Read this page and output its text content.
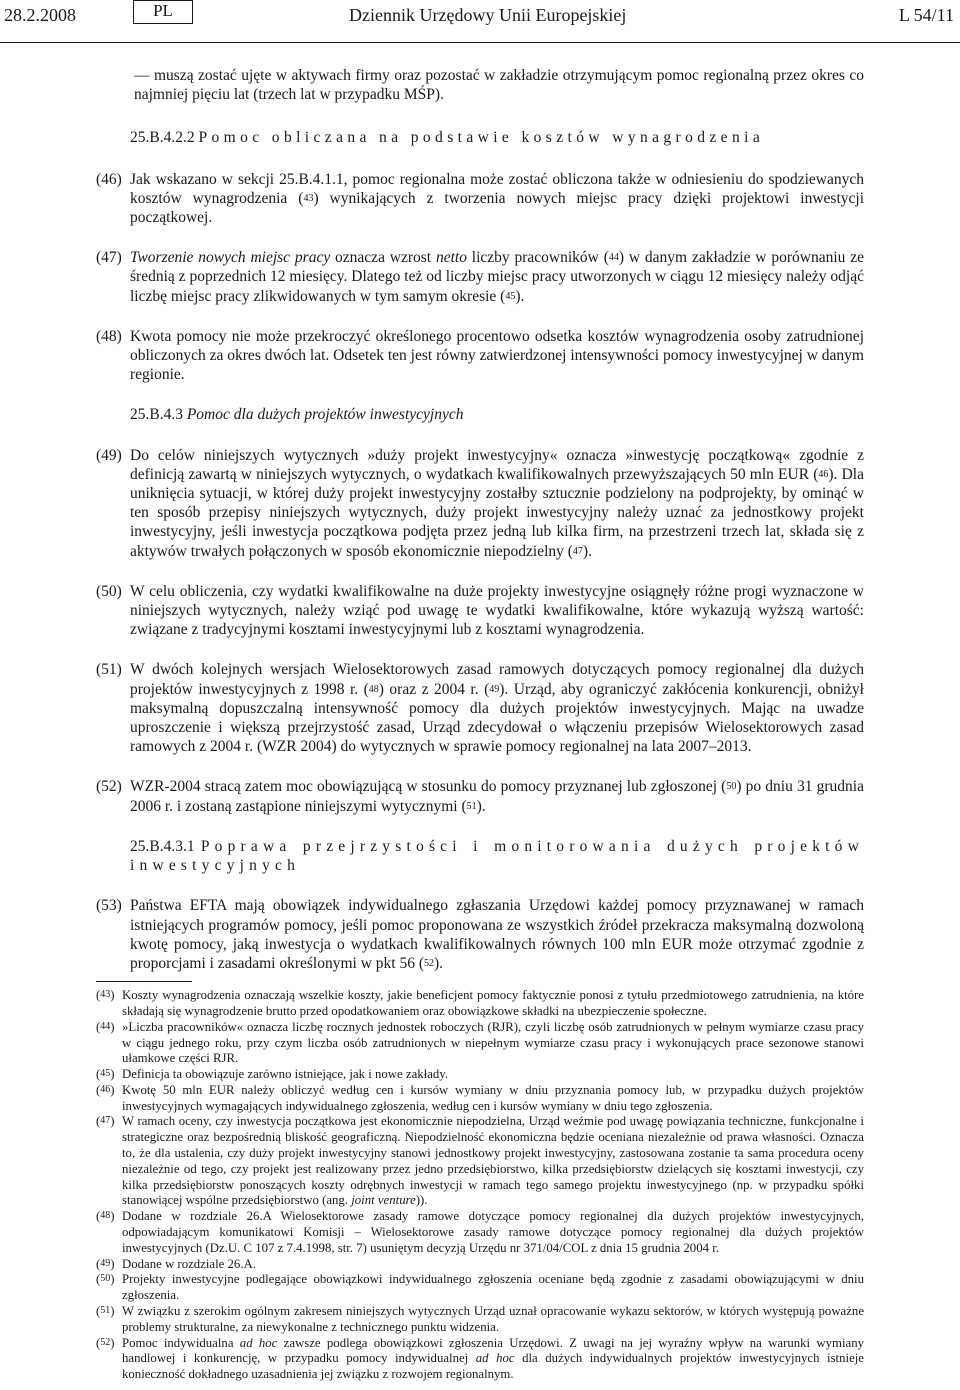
28.2.2008	PL	Dziennik Urzędowy Unii Europejskiej	L 54/11

— muszą zostać ujęte w aktywach firmy oraz pozostać w zakładzie otrzymującym pomoc regionalną przez okres co najmniej pięciu lat (trzech lat w przypadku MŚP).

25.B.4.2.2 Pomoc obliczana na podstawie kosztów wynagrodzenia

(46) Jak wskazano w sekcji 25.B.4.1.1, pomoc regionalna może zostać obliczona także w odniesieniu do spodziewanych kosztów wynagrodzenia ($^{43}$) wynikających z tworzenia nowych miejsc pracy dzięki projektowi inwestycji początkowej.

(47) Tworzenie nowych miejsc pracy oznacza wzrost netto liczby pracowników ($^{44}$) w danym zakładzie w porównaniu ze średnią z poprzednich 12 miesięcy. Dlatego też od liczby miejsc pracy utworzonych w ciągu 12 miesięcy należy odjąć liczbę miejsc pracy zlikwidowanych w tym samym okresie ($^{45}$).

(48) Kwota pomocy nie może przekroczyć określonego procentowo odsetka kosztów wynagrodzenia osoby zatrudnionej obliczonych za okres dwóch lat. Odsetek ten jest równy zatwierdzonej intensywności pomocy inwestycyjnej w danym regionie.

25.B.4.3 Pomoc dla dużych projektów inwestycyjnych

(49) Do celów niniejszych wytycznych »duży projekt inwestycyjny« oznacza »inwestycję początkową« zgodnie z definicją zawartą w niniejszych wytycznych, o wydatkach kwalifikowalnych przewyższających 50 mln EUR ($^{46}$). Dla uniknięcia sytuacji, w której duży projekt inwestycyjny zostałby sztucznie podzielony na podprojekty, by ominąć w ten sposób przepisy niniejszych wytycznych, duży projekt inwestycyjny należy uznać za jednostkowy projekt inwestycyjny, jeśli inwestycja początkowa podjęta przez jedną lub kilka firm, na przestrzeni trzech lat, składa się z aktywów trwałych połączonych w sposób ekonomicznie niepodzielny ($^{47}$).

(50) W celu obliczenia, czy wydatki kwalifikowalne na duże projekty inwestycyjne osiągnęły różne progi wyznaczone w niniejszych wytycznych, należy wziąć pod uwagę te wydatki kwalifikowalne, które wykazują wyższą wartość: związane z tradycyjnymi kosztami inwestycyjnymi lub z kosztami wynagrodzenia.

(51) W dwóch kolejnych wersjach Wielosektorowych zasad ramowych dotyczących pomocy regionalnej dla dużych projektów inwestycyjnych z 1998 r. ($^{48}$) oraz z 2004 r. ($^{49}$). Urząd, aby ograniczyć zakłócenia konkurencji, obniżył maksymalną dopuszczalną intensywność pomocy dla dużych projektów inwestycyjnych. Mając na uwadze uproszczenie i większą przejrzystość zasad, Urząd zdecydował o włączeniu przepisów Wielosektorowych zasad ramowych z 2004 r. (WZR 2004) do wytycznych w sprawie pomocy regionalnej na lata 2007–2013.

(52) WZR-2004 stracą zatem moc obowiązującą w stosunku do pomocy przyznanej lub zgłoszonej ($^{50}$) po dniu 31 grudnia 2006 r. i zostaną zastąpione niniejszymi wytycznymi ($^{51}$).

25.B.4.3.1 Poprawa przejrzystości i monitorowania dużych projektów inwestycyjnych

(53) Państwa EFTA mają obowiązek indywidualnego zgłaszania Urzędowi każdej pomocy przyznawanej w ramach istniejących programów pomocy, jeśli pomoc proponowana ze wszystkich źródeł przekracza maksymalną dozwoloną kwotę pomocy, jaką inwestycja o wydatkach kwalifikowalnych równych 100 mln EUR może otrzymać zgodnie z proporcjami i zasadami określonymi w pkt 56 ($^{52}$).

($^{43}$) Koszty wynagrodzenia oznaczają wszelkie koszty, jakie beneficjent pomocy faktycznie ponosi z tytułu przedmiotowego zatrudnienia, na które składają się wynagrodzenie brutto przed opodatkowaniem oraz obowiązkowe składki na ubezpieczenie społeczne.

($^{44}$) »Liczba pracowników« oznacza liczbę rocznych jednostek roboczych (RJR), czyli liczbę osób zatrudnionych w pełnym wymiarze czasu pracy w ciągu jednego roku, przy czym liczba osób zatrudnionych w niepełnym wymiarze czasu pracy i wykonujących prace sezonowe stanowi ułamkowe części RJR.

($^{45}$) Definicja ta obowiązuje zarówno istniejące, jak i nowe zakłady.

($^{46}$) Kwotę 50 mln EUR należy obliczyć według cen i kursów wymiany w dniu przyznania pomocy lub, w przypadku dużych projektów inwestycyjnych wymagających indywidualnego zgłoszenia, według cen i kursów wymiany w dniu tego zgłoszenia.

($^{47}$) W ramach oceny, czy inwestycja początkowa jest ekonomicznie niepodzielna, Urząd weźmie pod uwagę powiązania techniczne, funkcjonalne i strategiczne oraz bezpośrednią bliskość geograficzną. Niepodzielność ekonomiczna będzie oceniana niezależnie od prawa własności. Oznacza to, że dla ustalenia, czy duży projekt inwestycyjny stanowi jednostkowy projekt inwestycyjny, zastosowana zostanie ta sama procedura oceny niezależnie od tego, czy projekt jest realizowany przez jedno przedsiębiorstwo, kilka przedsiębiorstw dzielących się kosztami inwestycji, czy kilka przedsiębiorstw ponoszących koszty odrębnych inwestycji w ramach tego samego projektu inwestycyjnego (np. w przypadku spółki stanowiącej wspólne przedsiębiorstwo (ang. joint venture)).

($^{48}$) Dodane w rozdziale 26.A Wielosektorowe zasady ramowe dotyczące pomocy regionalnej dla dużych projektów inwestycyjnych, odpowiadającym komunikatowi Komisji – Wielosektorowe zasady ramowe dotyczące pomocy regionalnej dla dużych projektów inwestycyjnych (Dz.U. C 107 z 7.4.1998, str. 7) usuniętym decyzją Urzędu nr 371/04/COL z dnia 15 grudnia 2004 r.

($^{49}$) Dodane w rozdziale 26.A.

($^{50}$) Projekty inwestycyjne podlegające obowiązkowi indywidualnego zgłoszenia oceniane będą zgodnie z zasadami obowiązującymi w dniu zgłoszenia.

($^{51}$) W związku z szerokim ogólnym zakresem niniejszych wytycznych Urząd uznał opracowanie wykazu sektorów, w których występują poważne problemy strukturalne, za niewykonalne z technicznego punktu widzenia.

($^{52}$) Pomoc indywidualna ad hoc zawsze podlega obowiązkowi zgłoszenia Urzędowi. Z uwagi na jej wyraźny wpływ na warunki wymiany handlowej i konkurencję, w przypadku pomocy indywidualnej ad hoc dla dużych indywidualnych projektów inwestycyjnych istnieje konieczność dokładnego uzasadnienia jej związku z rozwojem regionalnym.
